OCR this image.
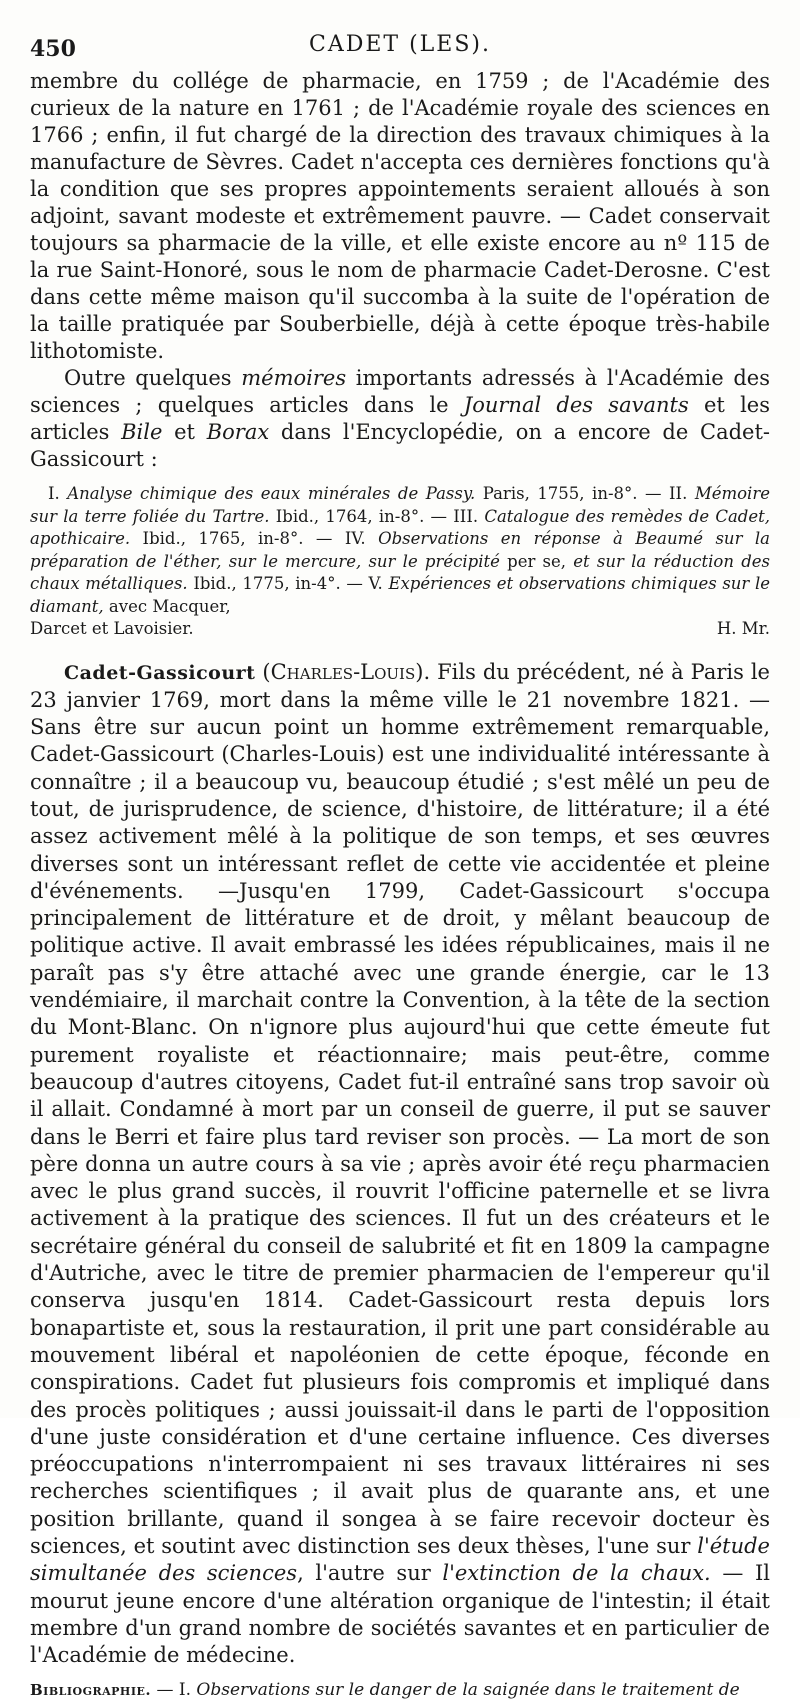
450	CADET (LES).

membre du collége de pharmacie, en 1759 ; de l'Académie des curieux de la nature en 1761 ; de l'Académie royale des sciences en 1766 ; enfin, il fut chargé de la direction des travaux chimiques à la manufacture de Sèvres. Cadet n'accepta ces dernières fonctions qu'à la condition que ses propres appointements seraient alloués à son adjoint, savant modeste et extrêmement pauvre. — Cadet conservait toujours sa pharmacie de la ville, et elle existe encore au nº 115 de la rue Saint-Honoré, sous le nom de pharmacie Cadet-Derosne. C'est dans cette même maison qu'il succomba à la suite de l'opération de la taille pratiquée par Souberbielle, déjà à cette époque très-habile lithotomiste.

Outre quelques mémoires importants adressés à l'Académie des sciences ; quelques articles dans le Journal des savants et les articles Bile et Borax dans l'Encyclopédie, on a encore de Cadet-Gassicourt :

I. Analyse chimique des eaux minérales de Passy. Paris, 1755, in-8°. — II. Mémoire sur la terre foliée du Tartre. Ibid., 1764, in-8°. — III. Catalogue des remèdes de Cadet, apothicaire. Ibid., 1765, in-8°. — IV. Observations en réponse à Beaumé sur la préparation de l'éther, sur le mercure, sur le précipité per se, et sur la réduction des chaux métalliques. Ibid., 1775, in-4°. — V. Expériences et observations chimiques sur le diamant, avec Macquer,

Darcet et Lavoisier.	H. Mr.

Cadet-Gassicourt (Charles-Louis). Fils du précédent, né à Paris le 23 janvier 1769, mort dans la même ville le 21 novembre 1821. — Sans être sur aucun point un homme extrêmement remarquable, Cadet-Gassicourt (Charles-Louis) est une individualité intéressante à connaître ; il a beaucoup vu, beaucoup étudié ; s'est mêlé un peu de tout, de jurisprudence, de science, d'histoire, de littérature; il a été assez activement mêlé à la politique de son temps, et ses œuvres diverses sont un intéressant reflet de cette vie accidentée et pleine d'événements. —Jusqu'en 1799, Cadet-Gassicourt s'occupa principalement de littérature et de droit, y mêlant beaucoup de politique active. Il avait embrassé les idées républicaines, mais il ne paraît pas s'y être attaché avec une grande énergie, car le 13 vendémiaire, il marchait contre la Convention, à la tête de la section du Mont-Blanc. On n'ignore plus aujourd'hui que cette émeute fut purement royaliste et réactionnaire; mais peut-être, comme beaucoup d'autres citoyens, Cadet fut-il entraîné sans trop savoir où il allait. Condamné à mort par un conseil de guerre, il put se sauver dans le Berri et faire plus tard reviser son procès. — La mort de son père donna un autre cours à sa vie ; après avoir été reçu pharmacien avec le plus grand succès, il rouvrit l'officine paternelle et se livra activement à la pratique des sciences. Il fut un des créateurs et le secrétaire général du conseil de salubrité et fit en 1809 la campagne d'Autriche, avec le titre de premier pharmacien de l'empereur qu'il conserva jusqu'en 1814. Cadet-Gassicourt resta depuis lors bonapartiste et, sous la restauration, il prit une part considérable au mouvement libéral et napoléonien de cette époque, féconde en conspirations. Cadet fut plusieurs fois compromis et impliqué dans des procès politiques ; aussi jouissait-il dans le parti de l'opposition d'une juste considération et d'une certaine influence. Ces diverses préoccupations n'interrompaient ni ses travaux littéraires ni ses recherches scientifiques ; il avait plus de quarante ans, et une position brillante, quand il songea à se faire recevoir docteur ès sciences, et soutint avec distinction ses deux thèses, l'une sur l'étude simultanée des sciences, l'autre sur l'extinction de la chaux. — Il mourut jeune encore d'une altération organique de l'intestin; il était membre d'un grand nombre de sociétés savantes et en particulier de l'Académie de médecine.

Bibliographie. — I. Observations sur le danger de la saignée dans le traitement de
